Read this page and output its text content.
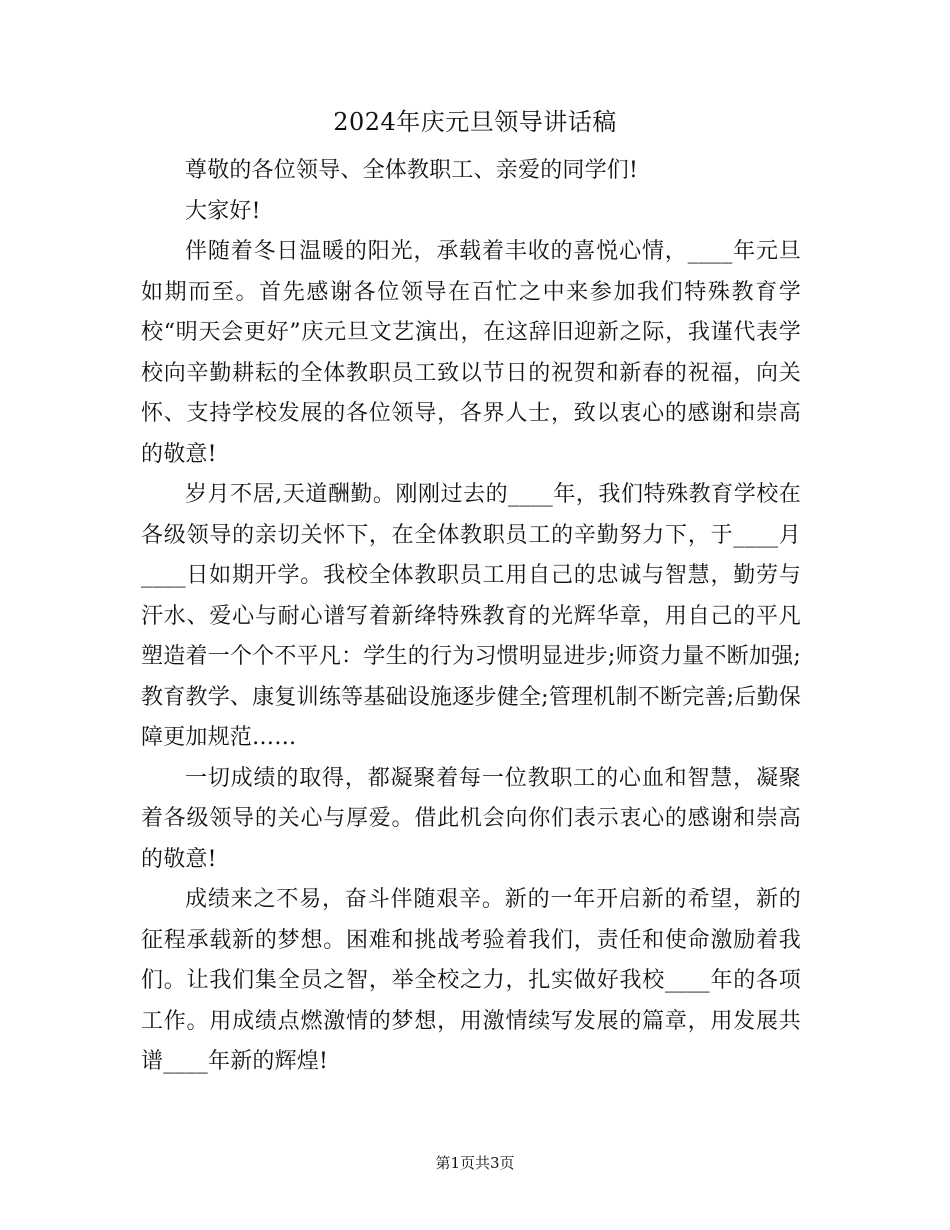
2024年庆元旦领导讲话稿

尊敬的各位领导、全体教职工、亲爱的同学们!

大家好!

伴随着冬日温暖的阳光，承载着丰收的喜悦心情，____年元旦如期而至。首先感谢各位领导在百忙之中来参加我们特殊教育学校“明天会更好”庆元旦文艺演出，在这辞旧迎新之际，我谨代表学校向辛勤耕耘的全体教职员工致以节日的祝贺和新春的祝福，向关怀、支持学校发展的各位领导，各界人士，致以衷心的感谢和崇高的敬意!

岁月不居,天道酬勤。刚刚过去的____年，我们特殊教育学校在各级领导的亲切关怀下，在全体教职员工的辛勤努力下，于____月____日如期开学。我校全体教职员工用自己的忠诚与智慧，勤劳与汗水、爱心与耐心谱写着新绛特殊教育的光辉华章，用自己的平凡塑造着一个个不平凡：学生的行为习惯明显进步;师资力量不断加强;教育教学、康复训练等基础设施逐步健全;管理机制不断完善;后勤保障更加规范……

一切成绩的取得，都凝聚着每一位教职工的心血和智慧，凝聚着各级领导的关心与厚爱。借此机会向你们表示衷心的感谢和崇高的敬意!

成绩来之不易，奋斗伴随艰辛。新的一年开启新的希望，新的征程承载新的梦想。困难和挑战考验着我们，责任和使命激励着我们。让我们集全员之智，举全校之力，扎实做好我校____年的各项工作。用成绩点燃激情的梦想，用激情续写发展的篇章，用发展共谱____年新的辉煌!

第1页共3页
